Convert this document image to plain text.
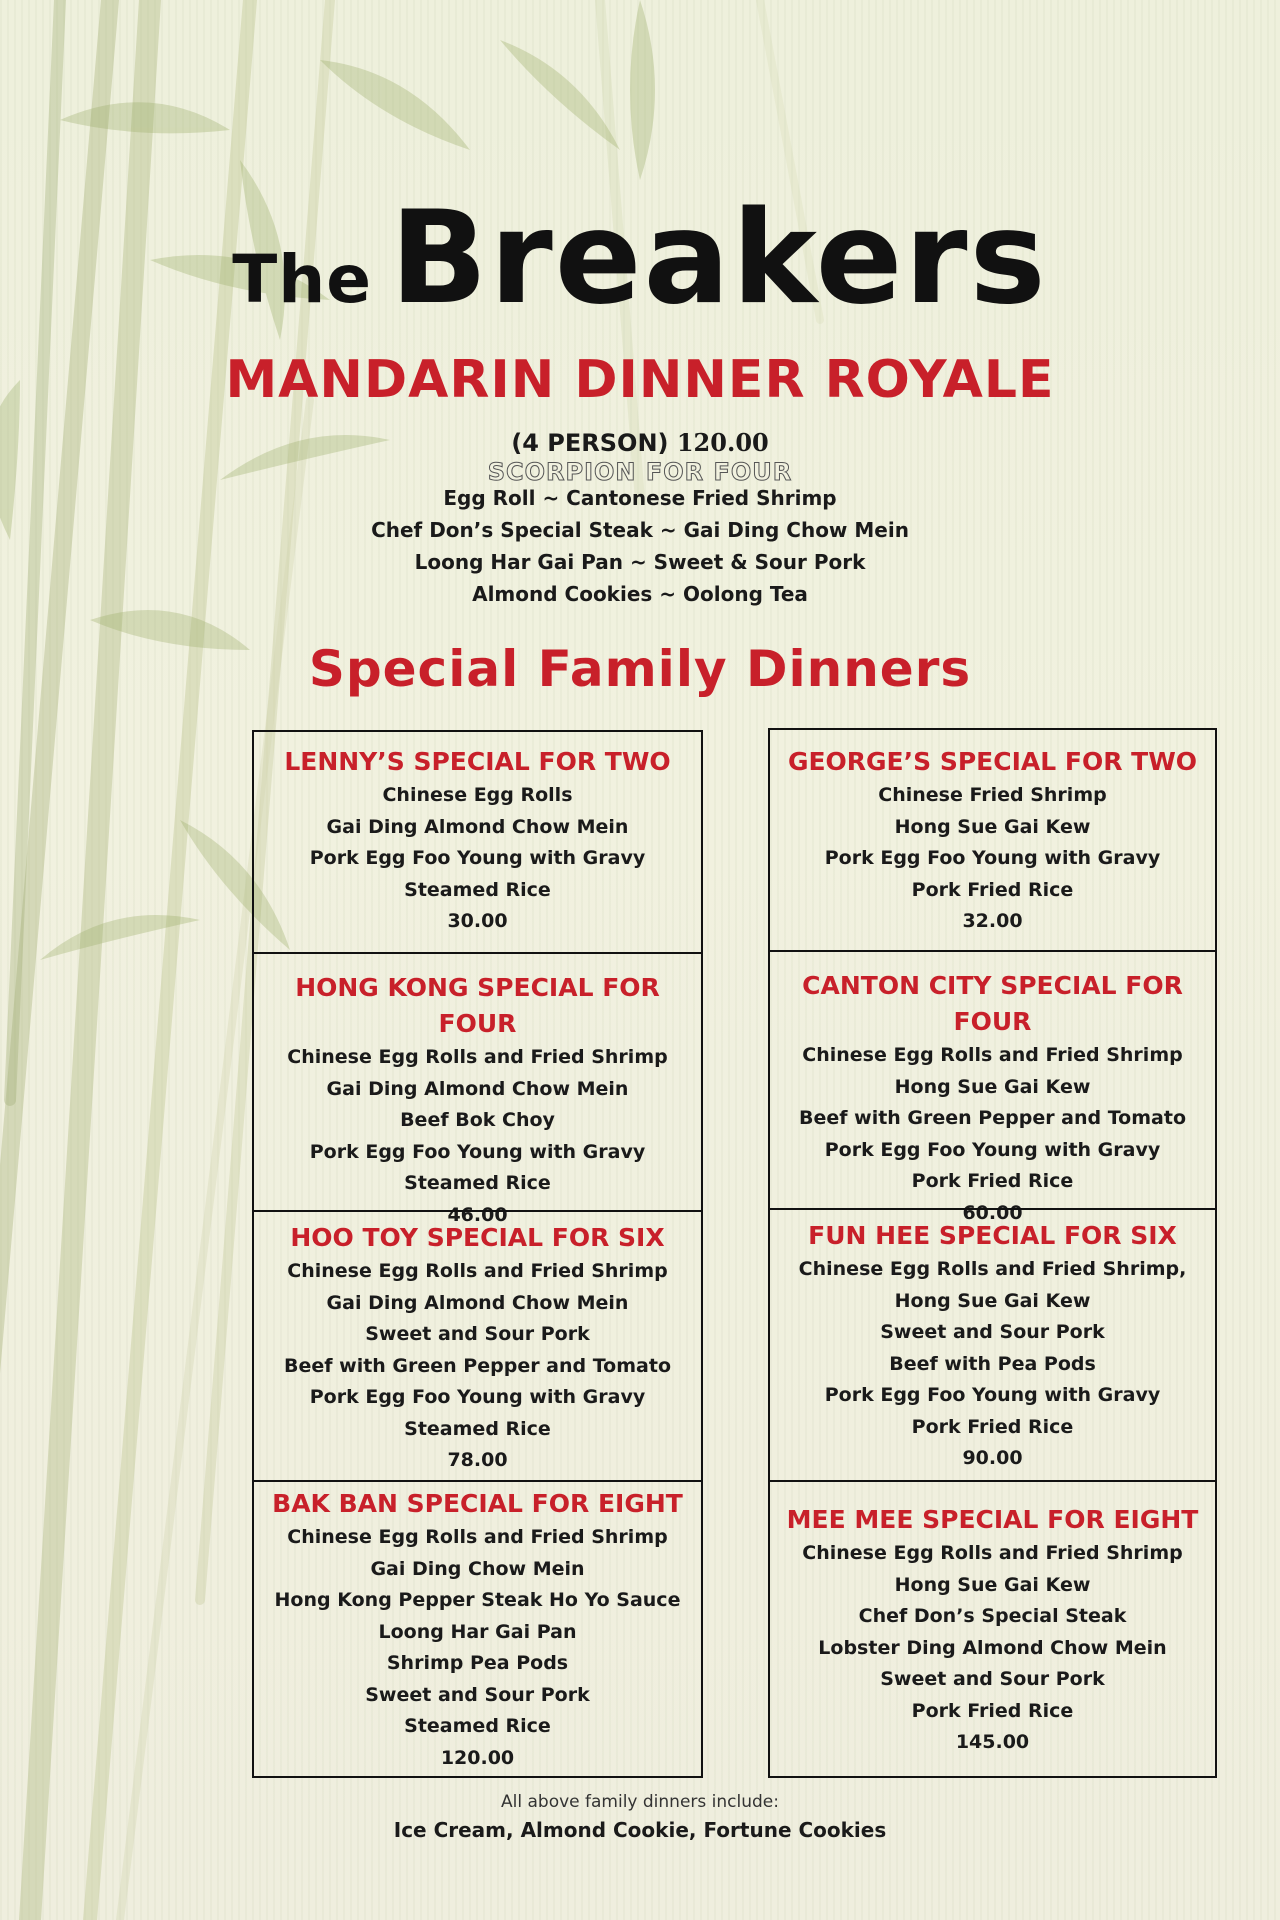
The Breakers
MANDARIN DINNER ROYALE
(4 PERSON) 120.00
SCORPION FOR FOUR
Egg Roll ~ Cantonese Fried Shrimp
Chef Don’s Special Steak ~ Gai Ding Chow Mein
Loong Har Gai Pan ~ Sweet & Sour Pork
Almond Cookies ~ Oolong Tea
Special Family Dinners
LENNY’S SPECIAL FOR TWO
Chinese Egg Rolls
Gai Ding Almond Chow Mein
Pork Egg Foo Young with Gravy
Steamed Rice
30.00
HONG KONG SPECIAL FOR FOUR
Chinese Egg Rolls and Fried Shrimp
Gai Ding Almond Chow Mein
Beef Bok Choy
Pork Egg Foo Young with Gravy
Steamed Rice
46.00
HOO TOY SPECIAL FOR SIX
Chinese Egg Rolls and Fried Shrimp
Gai Ding Almond Chow Mein
Sweet and Sour Pork
Beef with Green Pepper and Tomato
Pork Egg Foo Young with Gravy
Steamed Rice
78.00
BAK BAN SPECIAL FOR EIGHT
Chinese Egg Rolls and Fried Shrimp
Gai Ding Chow Mein
Hong Kong Pepper Steak Ho Yo Sauce
Loong Har Gai Pan
Shrimp Pea Pods
Sweet and Sour Pork
Steamed Rice
120.00
GEORGE’S SPECIAL FOR TWO
Chinese Fried Shrimp
Hong Sue Gai Kew
Pork Egg Foo Young with Gravy
Pork Fried Rice
32.00
CANTON CITY SPECIAL FOR FOUR
Chinese Egg Rolls and Fried Shrimp
Hong Sue Gai Kew
Beef with Green Pepper and Tomato
Pork Egg Foo Young with Gravy
Pork Fried Rice
60.00
FUN HEE SPECIAL FOR SIX
Chinese Egg Rolls and Fried Shrimp,
Hong Sue Gai Kew
Sweet and Sour Pork
Beef with Pea Pods
Pork Egg Foo Young with Gravy
Pork Fried Rice
90.00
MEE MEE SPECIAL FOR EIGHT
Chinese Egg Rolls and Fried Shrimp
Hong Sue Gai Kew
Chef Don’s Special Steak
Lobster Ding Almond Chow Mein
Sweet and Sour Pork
Pork Fried Rice
145.00
All above family dinners include:
Ice Cream, Almond Cookie, Fortune Cookies
